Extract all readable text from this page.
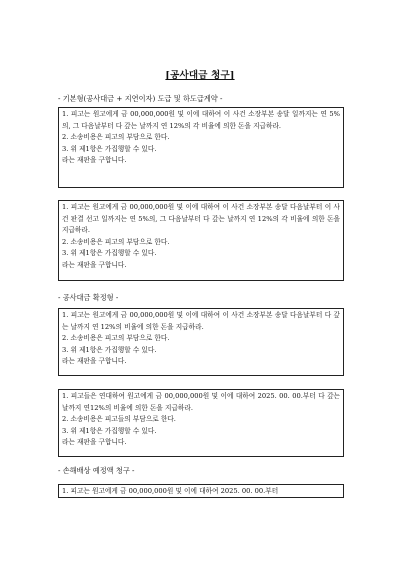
[공사대금 청구]
- 기본형(공사대금 + 지연이자) 도급 및 하도급계약 -
1. 피고는 원고에게 금 00,000,000원 및 이에 대하여 이 사건 소장부본 송달 일까지는 연 5%의, 그 다음날부터 다 갚는 날까지 연 12%의 각 비율에 의한 돈을 지급하라.
2. 소송비용은 피고의 부담으로 한다.
3. 위 제1항은 가집행할 수 있다.
라는 재판을 구합니다.
1. 피고는 원고에게 금 00,000,000원 및 이에 대하여 이 사건 소장부본 송달 다음날부터 이 사건 판결 선고 일까지는 연 5%의, 그 다음날부터 다 갚는 날까지 연 12%의 각 비율에 의한 돈을 지급하라.
2. 소송비용은 피고의 부담으로 한다.
3. 위 제1항은 가집행할 수 있다.
라는 재판을 구합니다.
- 공사대금 확정형 -
1. 피고는 원고에게 금 00,000,000원 및 이에 대하여 이 사건 소장부본 송달 다음날부터 다 갚는 날까지 연 12%의 비율에 의한 돈을 지급하라.
2. 소송비용은 피고의 부담으로 한다.
3. 위 제1항은 가집행할 수 있다.
라는 재판을 구합니다.
1. 피고들은 연대하여 원고에게 금 00,000,000원 및 이에 대하여 2025. 00. 00.부터 다 갚는 날까지 연12%의 비율에 의한 돈을 지급하라.
2. 소송비용은 피고들의 부담으로 한다.
3. 위 제1항은 가집행할 수 있다.
라는 재판을 구합니다.
- 손해배상 예정액 청구 -
1. 피고는 원고에게 금 00,000,000원 및 이에 대하여 2025. 00. 00.부터
